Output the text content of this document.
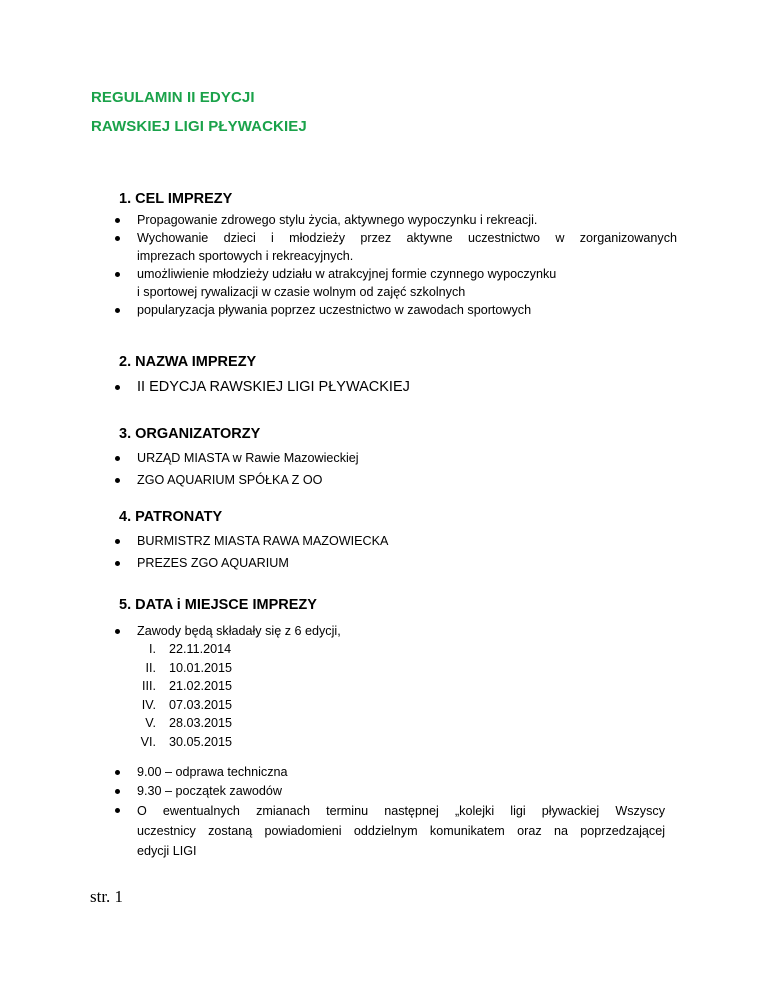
REGULAMIN II EDYCJI
RAWSKIEJ LIGI PŁYWACKIEJ
1. CEL IMPREZY
Propagowanie zdrowego stylu życia, aktywnego wypoczynku i rekreacji.
Wychowanie dzieci i młodzieży przez aktywne uczestnictwo w zorganizowanych
imprezach sportowych i rekreacyjnych.
umożliwienie młodzieży udziału w atrakcyjnej formie czynnego wypoczynku
i sportowej rywalizacji w czasie wolnym od zajęć szkolnych
popularyzacja pływania poprzez uczestnictwo w zawodach sportowych
2. NAZWA IMPREZY
II EDYCJA RAWSKIEJ LIGI PŁYWACKIEJ
3. ORGANIZATORZY
URZĄD MIASTA w Rawie Mazowieckiej
ZGO AQUARIUM SPÓŁKA Z OO
4. PATRONATY
BURMISTRZ MIASTA RAWA MAZOWIECKA
PREZES ZGO AQUARIUM
5. DATA i MIEJSCE IMPREZY
Zawody będą składały się z 6 edycji,
I. 22.11.2014
II. 10.01.2015
III. 21.02.2015
IV. 07.03.2015
V. 28.03.2015
VI. 30.05.2015
9.00 – odprawa techniczna
9.30 – początek zawodów
O ewentualnych zmianach terminu następnej „kolejki ligi pływackiej Wszyscy
uczestnicy zostaną powiadomieni oddzielnym komunikatem oraz na poprzedzającej
edycji LIGI
str. 1
